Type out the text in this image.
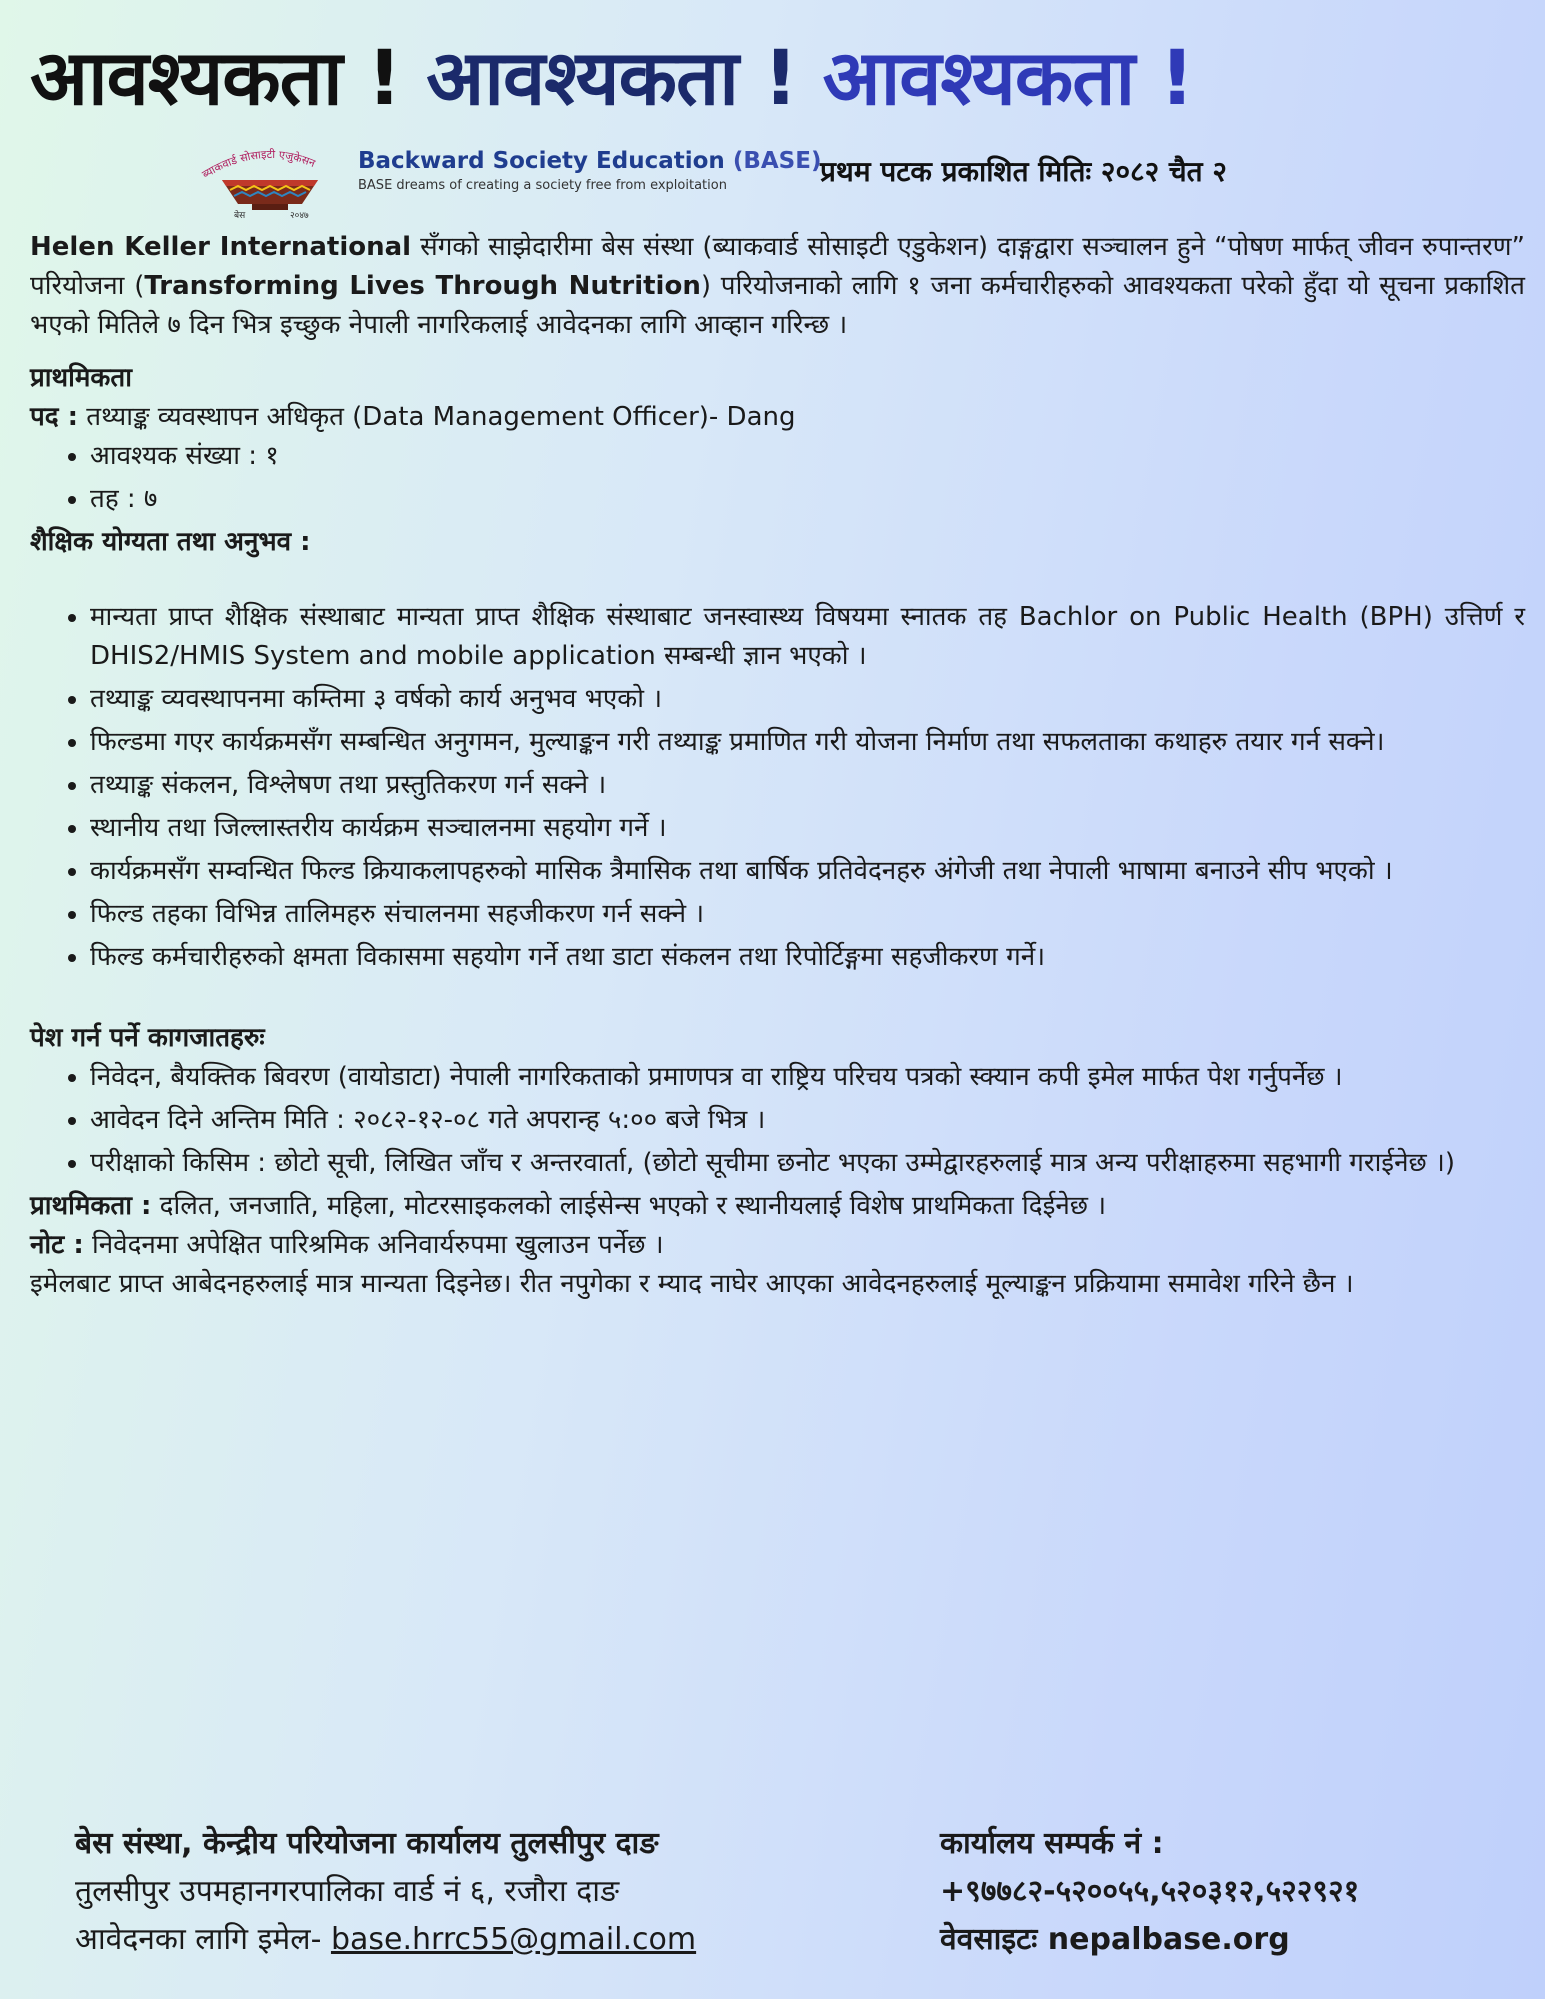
आवश्यकता ! आवश्यकता ! आवश्यकता !
ब्याकवार्ड सोसाइटी एजुकेसन
बेस	२०४७
Backward Society Education (BASE)
BASE dreams of creating a society free from exploitation	प्रथम पटक प्रकाशित मितिः २०८२ चैत २

Helen Keller International सँगको साझेदारीमा बेस संस्था (ब्याकवार्ड सोसाइटी एडुकेशन) दाङ्गद्वारा सञ्चालन हुने “पोषण मार्फत् जीवन रुपान्तरण” परियोजना (Transforming Lives Through Nutrition) परियोजनाको लागि १ जना कर्मचारीहरुको आवश्यकता परेको हुँदा यो सूचना प्रकाशित भएको मितिले ७ दिन भित्र इच्छुक नेपाली नागरिकलाई आवेदनका लागि आव्हान गरिन्छ ।

प्राथमिकता

पद : तथ्याङ्क व्यवस्थापन अधिकृत (Data Management Officer)- Dang

• आवश्यक संख्या : १
• तह : ७

शैक्षिक योग्यता तथा अनुभव :

• मान्यता प्राप्त शैक्षिक संस्थाबाट मान्यता प्राप्त शैक्षिक संस्थाबाट जनस्वास्थ्य विषयमा स्नातक तह Bachlor on Public Health (BPH) उत्तिर्ण र DHIS2/HMIS System and mobile application सम्बन्धी ज्ञान भएको ।
• तथ्याङ्क व्यवस्थापनमा कम्तिमा ३ वर्षको कार्य अनुभव भएको ।
• फिल्डमा गएर कार्यक्रमसँग सम्बन्धित अनुगमन, मुल्याङ्कन गरी तथ्याङ्क प्रमाणित गरी योजना निर्माण तथा सफलताका कथाहरु तयार गर्न सक्ने।
• तथ्याङ्क संकलन, विश्लेषण तथा प्रस्तुतिकरण गर्न सक्ने ।
• स्थानीय तथा जिल्लास्तरीय कार्यक्रम सञ्चालनमा सहयोग गर्ने ।
• कार्यक्रमसँग सम्वन्धित फिल्ड क्रियाकलापहरुको मासिक त्रैमासिक तथा बार्षिक प्रतिवेदनहरु अंगेजी तथा नेपाली भाषामा बनाउने सीप भएको ।
• फिल्ड तहका विभिन्न तालिमहरु संचालनमा सहजीकरण गर्न सक्ने ।
• फिल्ड कर्मचारीहरुको क्षमता विकासमा सहयोग गर्ने तथा डाटा संकलन तथा रिपोर्टिङ्गमा सहजीकरण गर्ने।

पेश गर्न पर्ने कागजातहरुः

• निवेदन, बैयक्तिक बिवरण (वायोडाटा) नेपाली नागरिकताको प्रमाणपत्र वा राष्ट्रिय परिचय पत्रको स्क्यान कपी इमेल मार्फत पेश गर्नुपर्नेछ ।
• आवेदन दिने अन्तिम मिति : २०८२-१२-०८ गते अपरान्ह ५:०० बजे भित्र ।
• परीक्षाको किसिम : छोटो सूची, लिखित जाँच र अन्तरवार्ता, (छोटो सूचीमा छनोट भएका उम्मेद्वारहरुलाई मात्र अन्य परीक्षाहरुमा सहभागी गराईनेछ ।)

प्राथमिकता : दलित, जनजाति, महिला, मोटरसाइकलको लाईसेन्स भएको र स्थानीयलाई विशेष प्राथमिकता दिईनेछ ।

नोट : निवेदनमा अपेक्षित पारिश्रमिक अनिवार्यरुपमा खुलाउन पर्नेछ ।

इमेलबाट प्राप्त आबेदनहरुलाई मात्र मान्यता दिइनेछ। रीत नपुगेका र म्याद नाघेर आएका आवेदनहरुलाई मूल्याङ्कन प्रक्रियामा समावेश गरिने छैन ।

बेस संस्था, केन्द्रीय परियोजना कार्यालय तुलसीपुर दाङ
तुलसीपुर उपमहानगरपालिका वार्ड नं ६, रजौरा दाङ
आवेदनका लागि इमेल- base.hrrc55@gmail.com
कार्यालय सम्पर्क नं :
+९७७८२-५२००५५,५२०३१२,५२२९२१
वेवसाइटः nepalbase.org
